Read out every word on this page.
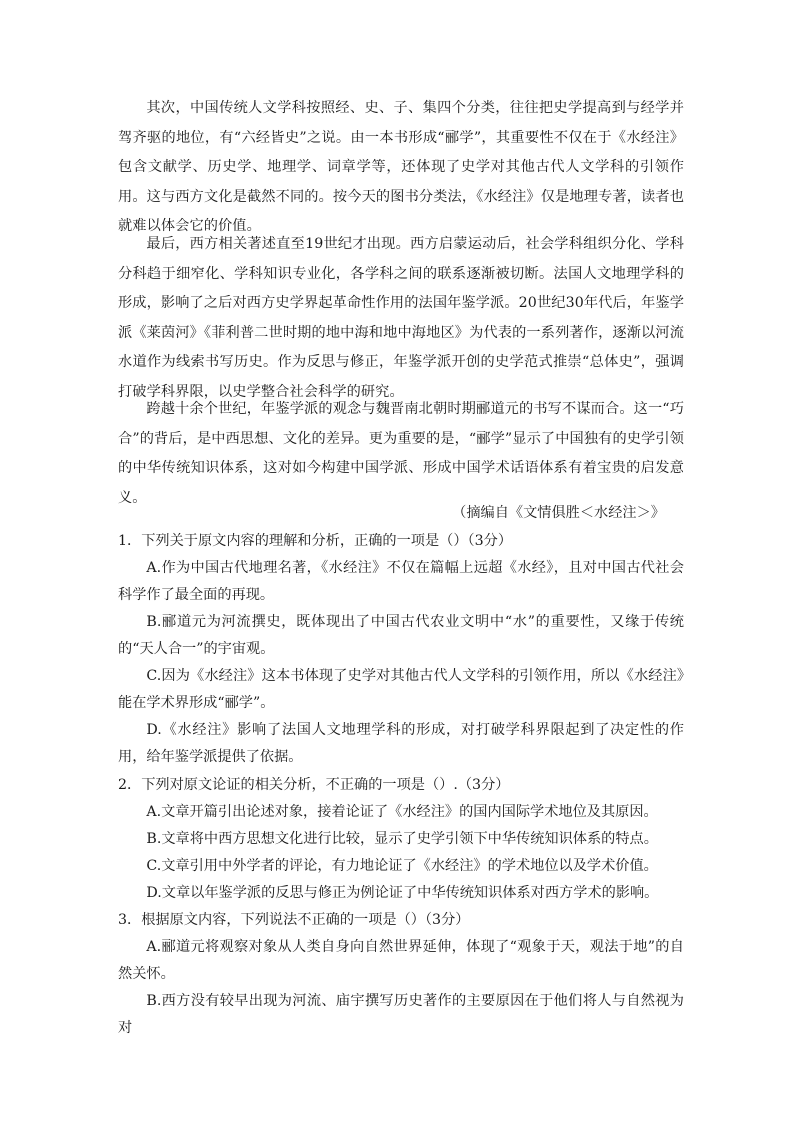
其次，中国传统人文学科按照经、史、子、集四个分类，往往把史学提高到与经学并驾齐驱的地位，有“六经皆史”之说。由一本书形成“郦学”，其重要性不仅在于《水经注》包含文献学、历史学、地理学、词章学等，还体现了史学对其他古代人文学科的引领作用。这与西方文化是截然不同的。按今天的图书分类法，《水经注》仅是地理专著，读者也就难以体会它的价值。

最后，西方相关著述直至19世纪才出现。西方启蒙运动后，社会学科组织分化、学科分科趋于细窄化、学科知识专业化，各学科之间的联系逐渐被切断。法国人文地理学科的形成，影响了之后对西方史学界起革命性作用的法国年鉴学派。20世纪30年代后，年鉴学派《莱茵河》《菲利普二世时期的地中海和地中海地区》为代表的一系列著作，逐渐以河流水道作为线索书写历史。作为反思与修正，年鉴学派开创的史学范式推崇“总体史”，强调打破学科界限，以史学整合社会科学的研究。

跨越十余个世纪，年鉴学派的观念与魏晋南北朝时期郦道元的书写不谋而合。这一“巧合”的背后，是中西思想、文化的差异。更为重要的是，“郦学”显示了中国独有的史学引领的中华传统知识体系，这对如今构建中国学派、形成中国学术话语体系有着宝贵的启发意义。

（摘编自《文情俱胜＜水经注＞》

1．下列关于原文内容的理解和分析，正确的一项是（）（3分）

A.作为中国古代地理名著，《水经注》不仅在篇幅上远超《水经》，且对中国古代社会科学作了最全面的再现。

B.郦道元为河流撰史，既体现出了中国古代农业文明中“水”的重要性，又缘于传统的“天人合一”的宇宙观。

C.因为《水经注》这本书体现了史学对其他古代人文学科的引领作用，所以《水经注》能在学术界形成“郦学”。

D.《水经注》影响了法国人文地理学科的形成，对打破学科界限起到了决定性的作用，给年鉴学派提供了依据。

2．下列对原文论证的相关分析，不正确的一项是（）.（3分）

A.文章开篇引出论述对象，接着论证了《水经注》的国内国际学术地位及其原因。

B.文章将中西方思想文化进行比较，显示了史学引领下中华传统知识体系的特点。

C.文章引用中外学者的评论，有力地论证了《水经注》的学术地位以及学术价值。

D.文章以年鉴学派的反思与修正为例论证了中华传统知识体系对西方学术的影响。

3．根据原文内容，下列说法不正确的一项是（）（3分）

A.郦道元将观察对象从人类自身向自然世界延伸，体现了“观象于天，观法于地”的自然关怀。

B.西方没有较早出现为河流、庙宇撰写历史著作的主要原因在于他们将人与自然视为对
